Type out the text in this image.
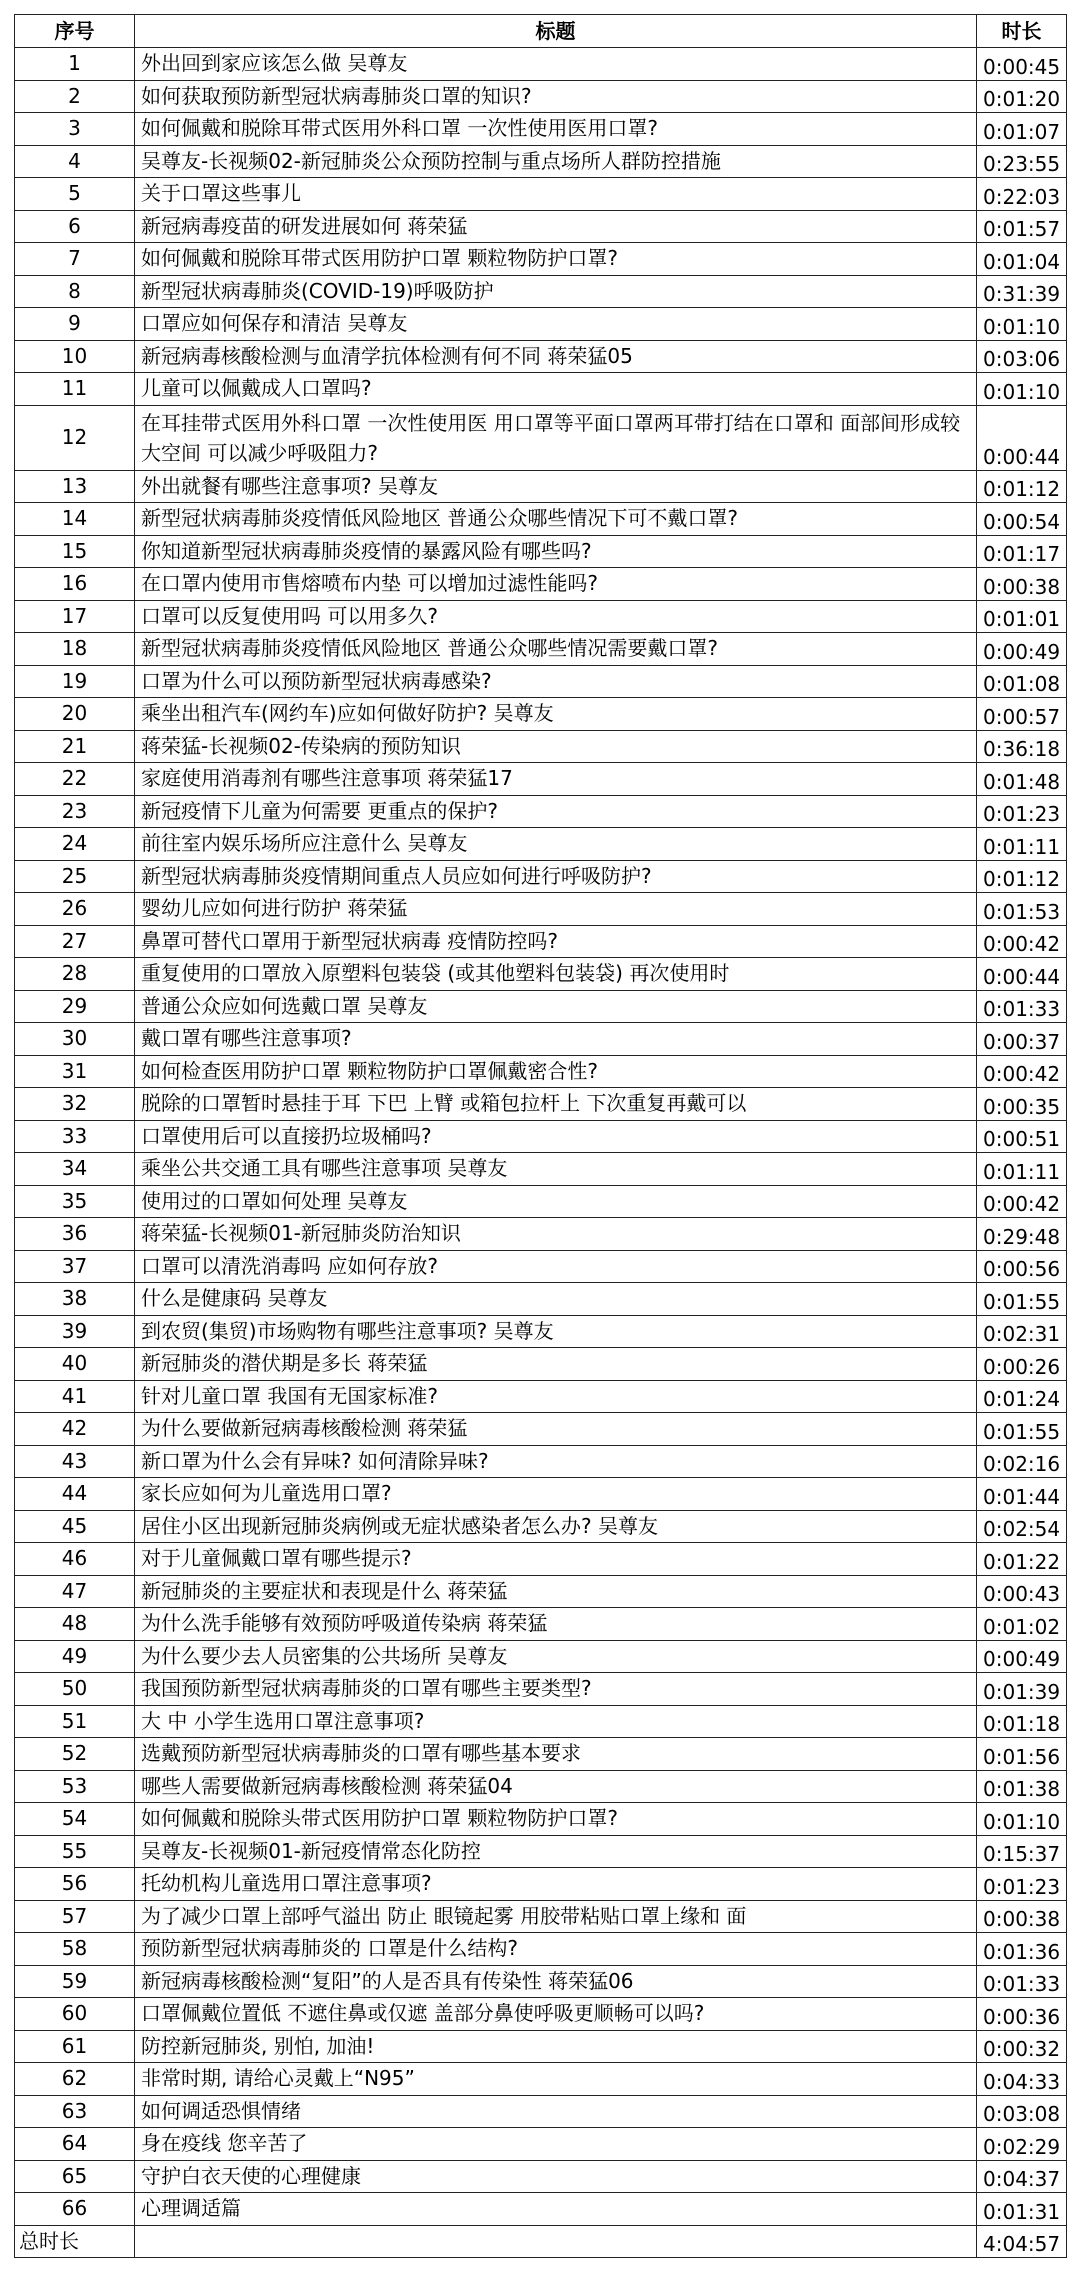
序号	标题	时长
1	外出回到家应该怎么做 吴尊友	0:00:45
2	如何获取预防新型冠状病毒肺炎口罩的知识?	0:01:20
3	如何佩戴和脱除耳带式医用外科口罩 一次性使用医用口罩?	0:01:07
4	吴尊友-长视频02-新冠肺炎公众预防控制与重点场所人群防控措施	0:23:55
5	关于口罩这些事儿	0:22:03
6	新冠病毒疫苗的研发进展如何 蒋荣猛	0:01:57
7	如何佩戴和脱除耳带式医用防护口罩 颗粒物防护口罩?	0:01:04
8	新型冠状病毒肺炎(COVID-19)呼吸防护	0:31:39
9	口罩应如何保存和清洁 吴尊友	0:01:10
10	新冠病毒核酸检测与血清学抗体检测有何不同 蒋荣猛05	0:03:06
11	儿童可以佩戴成人口罩吗?	0:01:10
12	在耳挂带式医用外科口罩 一次性使用医 用口罩等平面口罩两耳带打结在口罩和 面部间形成较大空间 可以减少呼吸阻力?	0:00:44
13	外出就餐有哪些注意事项? 吴尊友	0:01:12
14	新型冠状病毒肺炎疫情低风险地区 普通公众哪些情况下可不戴口罩?	0:00:54
15	你知道新型冠状病毒肺炎疫情的暴露风险有哪些吗?	0:01:17
16	在口罩内使用市售熔喷布内垫 可以增加过滤性能吗?	0:00:38
17	口罩可以反复使用吗 可以用多久?	0:01:01
18	新型冠状病毒肺炎疫情低风险地区 普通公众哪些情况需要戴口罩?	0:00:49
19	口罩为什么可以预防新型冠状病毒感染?	0:01:08
20	乘坐出租汽车(网约车)应如何做好防护? 吴尊友	0:00:57
21	蒋荣猛-长视频02-传染病的预防知识	0:36:18
22	家庭使用消毒剂有哪些注意事项 蒋荣猛17	0:01:48
23	新冠疫情下儿童为何需要 更重点的保护?	0:01:23
24	前往室内娱乐场所应注意什么 吴尊友	0:01:11
25	新型冠状病毒肺炎疫情期间重点人员应如何进行呼吸防护?	0:01:12
26	婴幼儿应如何进行防护 蒋荣猛	0:01:53
27	鼻罩可替代口罩用于新型冠状病毒 疫情防控吗?	0:00:42
28	重复使用的口罩放入原塑料包装袋 (或其他塑料包装袋) 再次使用时	0:00:44
29	普通公众应如何选戴口罩 吴尊友	0:01:33
30	戴口罩有哪些注意事项?	0:00:37
31	如何检查医用防护口罩 颗粒物防护口罩佩戴密合性?	0:00:42
32	脱除的口罩暂时悬挂于耳 下巴 上臂 或箱包拉杆上 下次重复再戴可以	0:00:35
33	口罩使用后可以直接扔垃圾桶吗?	0:00:51
34	乘坐公共交通工具有哪些注意事项 吴尊友	0:01:11
35	使用过的口罩如何处理 吴尊友	0:00:42
36	蒋荣猛-长视频01-新冠肺炎防治知识	0:29:48
37	口罩可以清洗消毒吗 应如何存放?	0:00:56
38	什么是健康码 吴尊友	0:01:55
39	到农贸(集贸)市场购物有哪些注意事项? 吴尊友	0:02:31
40	新冠肺炎的潜伏期是多长 蒋荣猛	0:00:26
41	针对儿童口罩 我国有无国家标准?	0:01:24
42	为什么要做新冠病毒核酸检测 蒋荣猛	0:01:55
43	新口罩为什么会有异味? 如何清除异味?	0:02:16
44	家长应如何为儿童选用口罩?	0:01:44
45	居住小区出现新冠肺炎病例或无症状感染者怎么办? 吴尊友	0:02:54
46	对于儿童佩戴口罩有哪些提示?	0:01:22
47	新冠肺炎的主要症状和表现是什么 蒋荣猛	0:00:43
48	为什么洗手能够有效预防呼吸道传染病 蒋荣猛	0:01:02
49	为什么要少去人员密集的公共场所 吴尊友	0:00:49
50	我国预防新型冠状病毒肺炎的口罩有哪些主要类型?	0:01:39
51	大 中 小学生选用口罩注意事项?	0:01:18
52	选戴预防新型冠状病毒肺炎的口罩有哪些基本要求	0:01:56
53	哪些人需要做新冠病毒核酸检测 蒋荣猛04	0:01:38
54	如何佩戴和脱除头带式医用防护口罩 颗粒物防护口罩?	0:01:10
55	吴尊友-长视频01-新冠疫情常态化防控	0:15:37
56	托幼机构儿童选用口罩注意事项?	0:01:23
57	为了减少口罩上部呼气溢出 防止 眼镜起雾 用胶带粘贴口罩上缘和 面	0:00:38
58	预防新型冠状病毒肺炎的 口罩是什么结构?	0:01:36
59	新冠病毒核酸检测“复阳”的人是否具有传染性 蒋荣猛06	0:01:33
60	口罩佩戴位置低 不遮住鼻或仅遮 盖部分鼻使呼吸更顺畅可以吗?	0:00:36
61	防控新冠肺炎, 别怕, 加油!	0:00:32
62	非常时期, 请给心灵戴上“N95”	0:04:33
63	如何调适恐惧情绪	0:03:08
64	身在疫线 您辛苦了	0:02:29
65	守护白衣天使的心理健康	0:04:37
66	心理调适篇	0:01:31
总时长		4:04:57
